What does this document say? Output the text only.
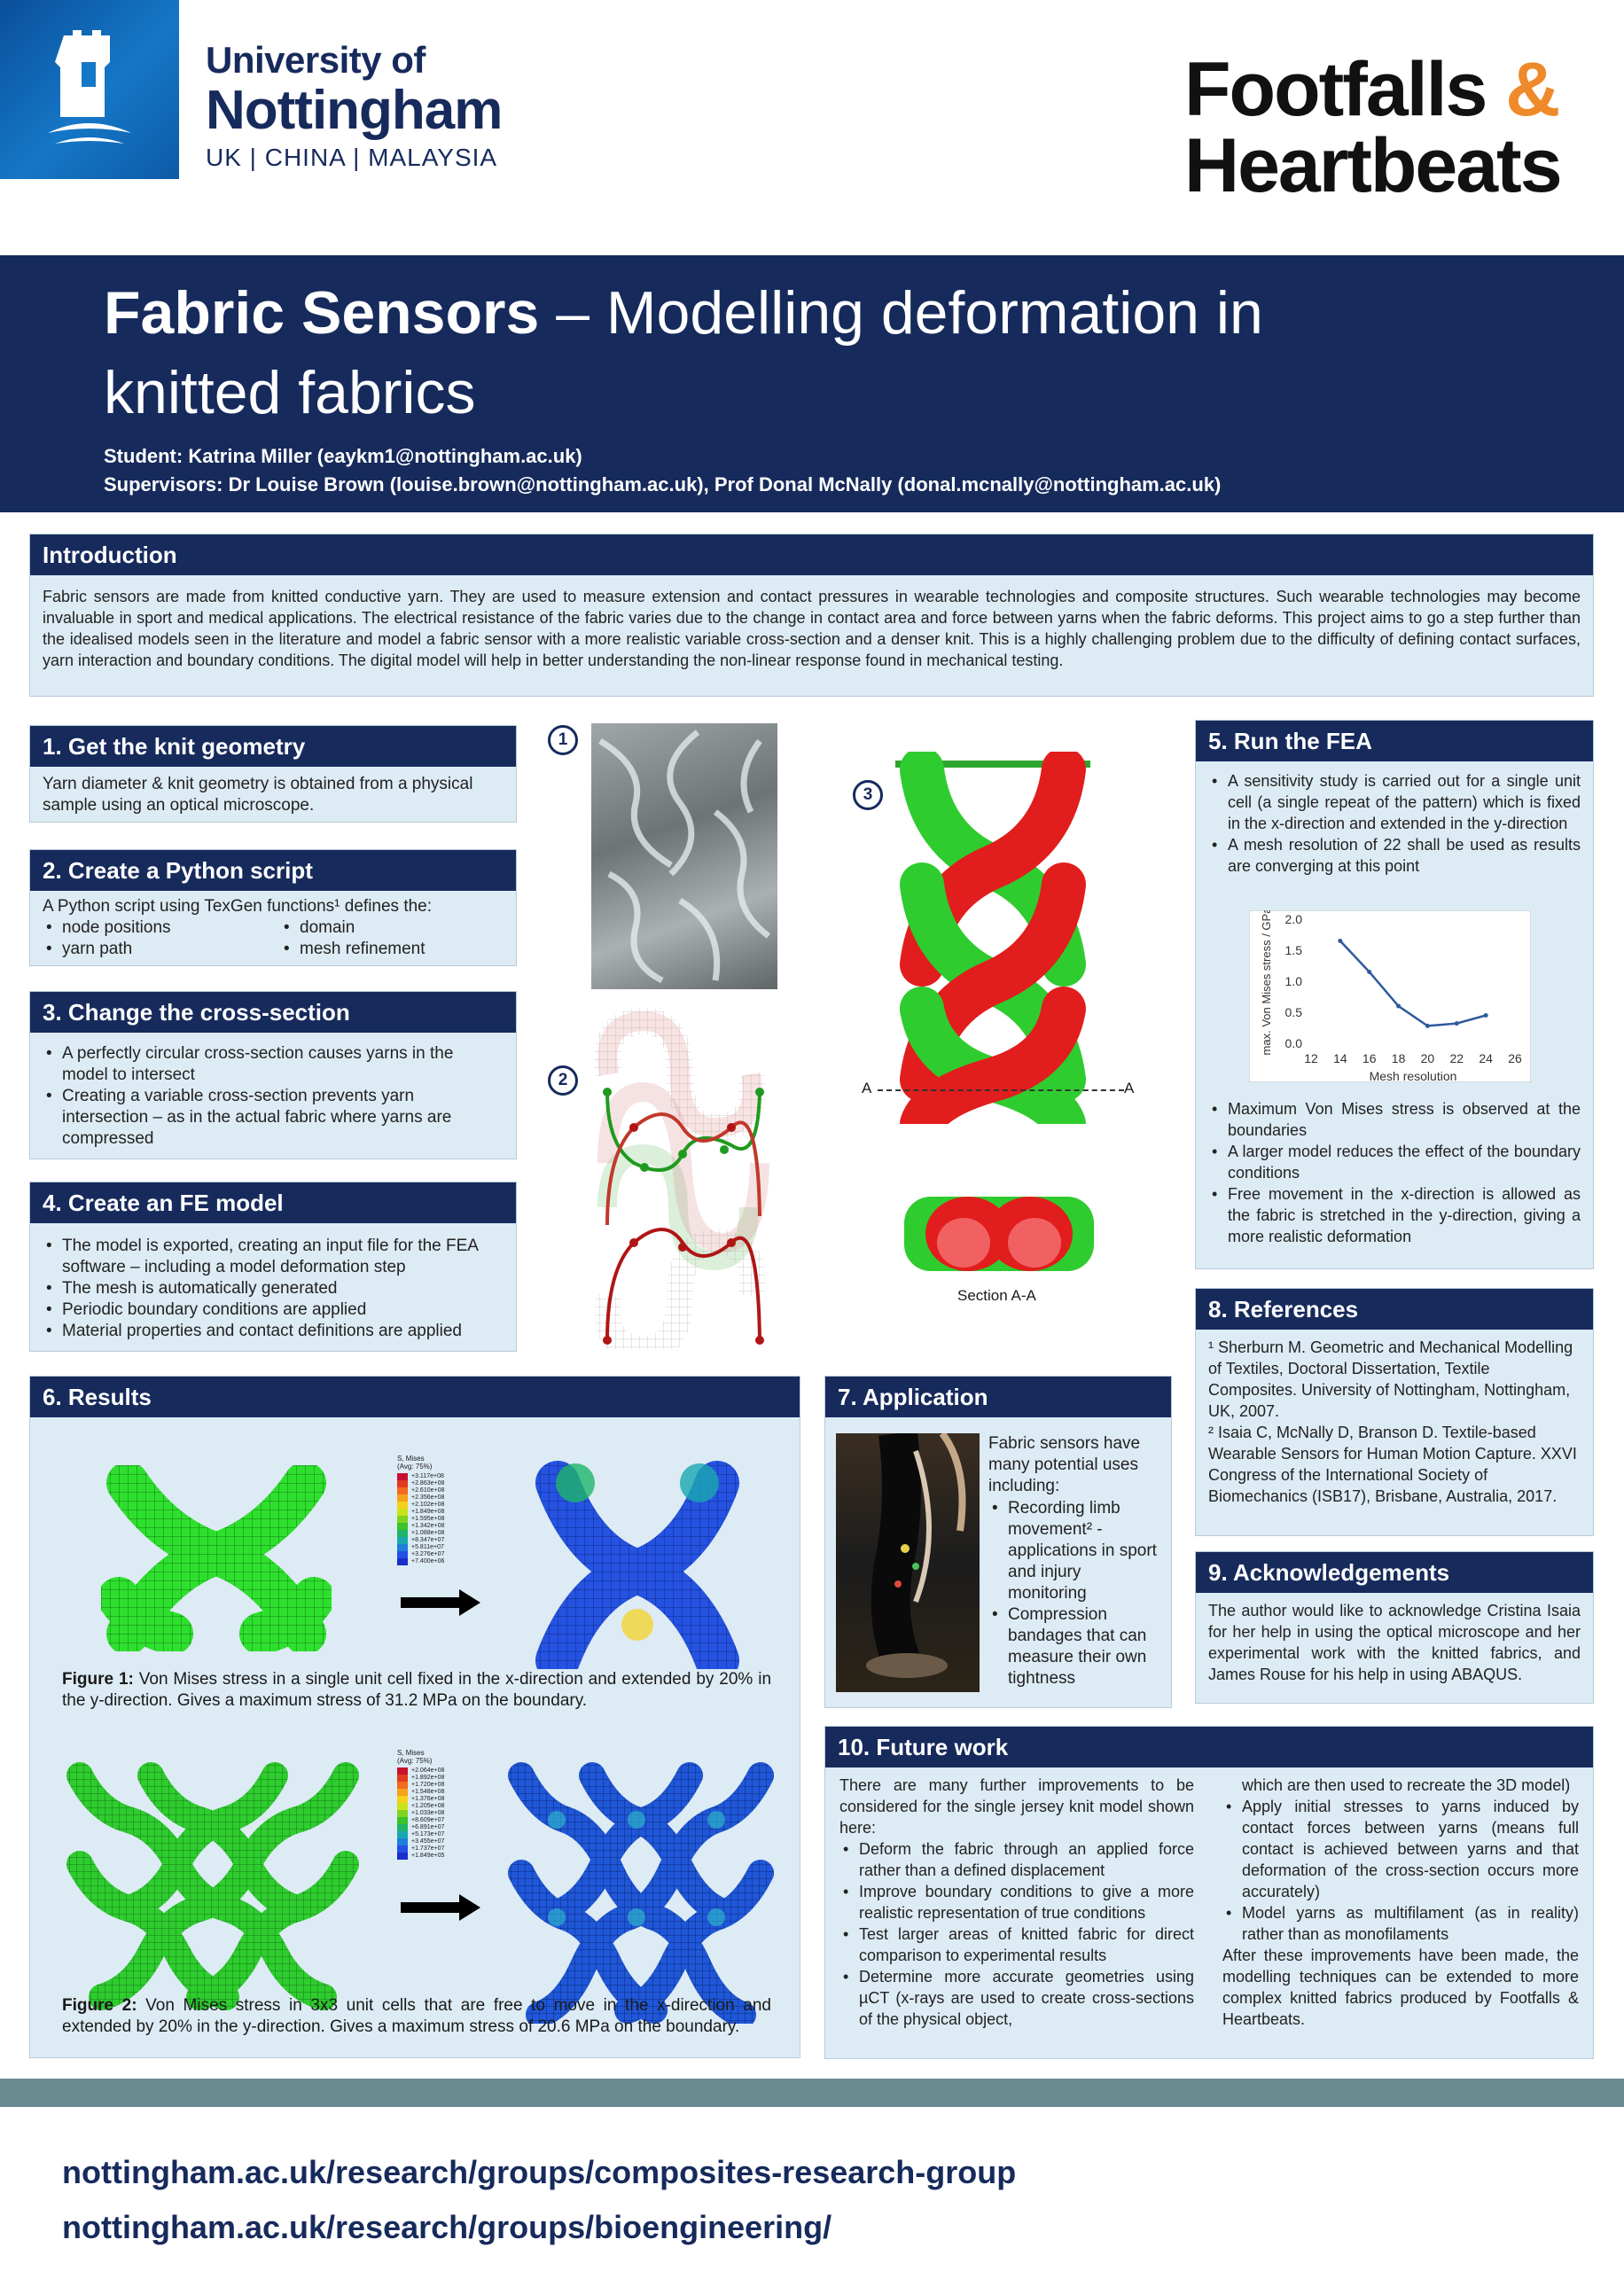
University of
Nottingham
UK | CHINA | MALAYSIA
Footfalls &
Heartbeats
Fabric Sensors – Modelling deformation in
knitted fabrics
Student: Katrina Miller (eaykm1@nottingham.ac.uk)
Supervisors: Dr Louise Brown (louise.brown@nottingham.ac.uk), Prof Donal McNally (donal.mcnally@nottingham.ac.uk)
Introduction
Fabric sensors are made from knitted conductive yarn. They are used to measure extension and contact pressures in wearable technologies and composite structures. Such wearable technologies may become invaluable in sport and medical applications. The electrical resistance of the fabric varies due to the change in contact area and force between yarns when the fabric deforms. This project aims to go a step further than the idealised models seen in the literature and model a fabric sensor with a more realistic variable cross-section and a denser knit. This is a highly challenging problem due to the difficulty of defining contact surfaces, yarn interaction and boundary conditions. The digital model will help in better understanding the non-linear response found in mechanical testing.
1. Get the knit geometry
Yarn diameter & knit geometry is obtained from a physical sample using an optical microscope.
2. Create a Python script
A Python script using TexGen functions¹ defines the:
• node positions
• yarn path
• domain
• mesh refinement
3. Change the cross-section
• A perfectly circular cross-section causes yarns in the model to intersect
• Creating a variable cross-section prevents yarn intersection – as in the actual fabric where yarns are compressed
4. Create an FE model
• The model is exported, creating an input file for the FEA software – including a model deformation step
• The mesh is automatically generated
• Periodic boundary conditions are applied
• Material properties and contact definitions are applied
1
2
3
A	A
Section A-A
5. Run the FEA
• A sensitivity study is carried out for a single unit cell (a single repeat of the pattern) which is fixed in the x-direction and extended in the y-direction
• A mesh resolution of 22 shall be used as results are converging at this point
0.0
0.5
1.0
1.5
2.0
12 14 16 18 20 22 24 26
Mesh resolution
max. Von Mises stress / GPa
• Maximum Von Mises stress is observed at the boundaries
• A larger model reduces the effect of the boundary conditions
• Free movement in the x-direction is allowed as the fabric is stretched in the y-direction, giving a more realistic deformation
8. References
¹ Sherburn M. Geometric and Mechanical Modelling of Textiles, Doctoral Dissertation, Textile Composites. University of Nottingham, Nottingham, UK, 2007.
² Isaia C, McNally D, Branson D. Textile-based Wearable Sensors for Human Motion Capture. XXVI Congress of the International Society of Biomechanics (ISB17), Brisbane, Australia, 2017.
9. Acknowledgements
The author would like to acknowledge Cristina Isaia for her help in using the optical microscope and her experimental work with the knitted fabrics, and James Rouse for his help in using ABAQUS.
6. Results
S, Mises
(Avg: 75%)
+3.117e+08
+2.863e+08
+2.610e+08
+2.356e+08
+2.102e+08
+1.849e+08
+1.595e+08
+1.342e+08
+1.088e+08
+8.347e+07
+5.811e+07
+3.276e+07
+7.400e+06
Figure 1: Von Mises stress in a single unit cell fixed in the x-direction and extended by 20% in the y-direction. Gives a maximum stress of 31.2 MPa on the boundary.
S, Mises
(Avg: 75%)
+2.064e+08
+1.892e+08
+1.720e+08
+1.548e+08
+1.376e+08
+1.205e+08
+1.033e+08
+8.609e+07
+6.891e+07
+5.173e+07
+3.455e+07
+1.737e+07
+1.849e+05
Figure 2: Von Mises stress in 3x3 unit cells that are free to move in the x-direction and extended by 20% in the y-direction. Gives a maximum stress of 20.6 MPa on the boundary.
7. Application
Fabric sensors have many potential uses including:
• Recording limb movement² - applications in sport and injury monitoring
• Compression bandages that can measure their own tightness
10. Future work
There are many further improvements to be considered for the single jersey knit model shown here:
• Deform the fabric through an applied force rather than a defined displacement
• Improve boundary conditions to give a more realistic representation of true conditions
• Test larger areas of knitted fabric for direct comparison to experimental results
• Determine more accurate geometries using µCT (x-rays are used to create cross-sections of the physical object,
which are then used to recreate the 3D model)
• Apply initial stresses to yarns induced by contact forces between yarns (means full contact is achieved between yarns and that deformation of the cross-section occurs more accurately)
• Model yarns as multifilament (as in reality) rather than as monofilaments
After these improvements have been made, the modelling techniques can be extended to more complex knitted fabrics produced by Footfalls & Heartbeats.
nottingham.ac.uk/research/groups/composites-research-group
nottingham.ac.uk/research/groups/bioengineering/
